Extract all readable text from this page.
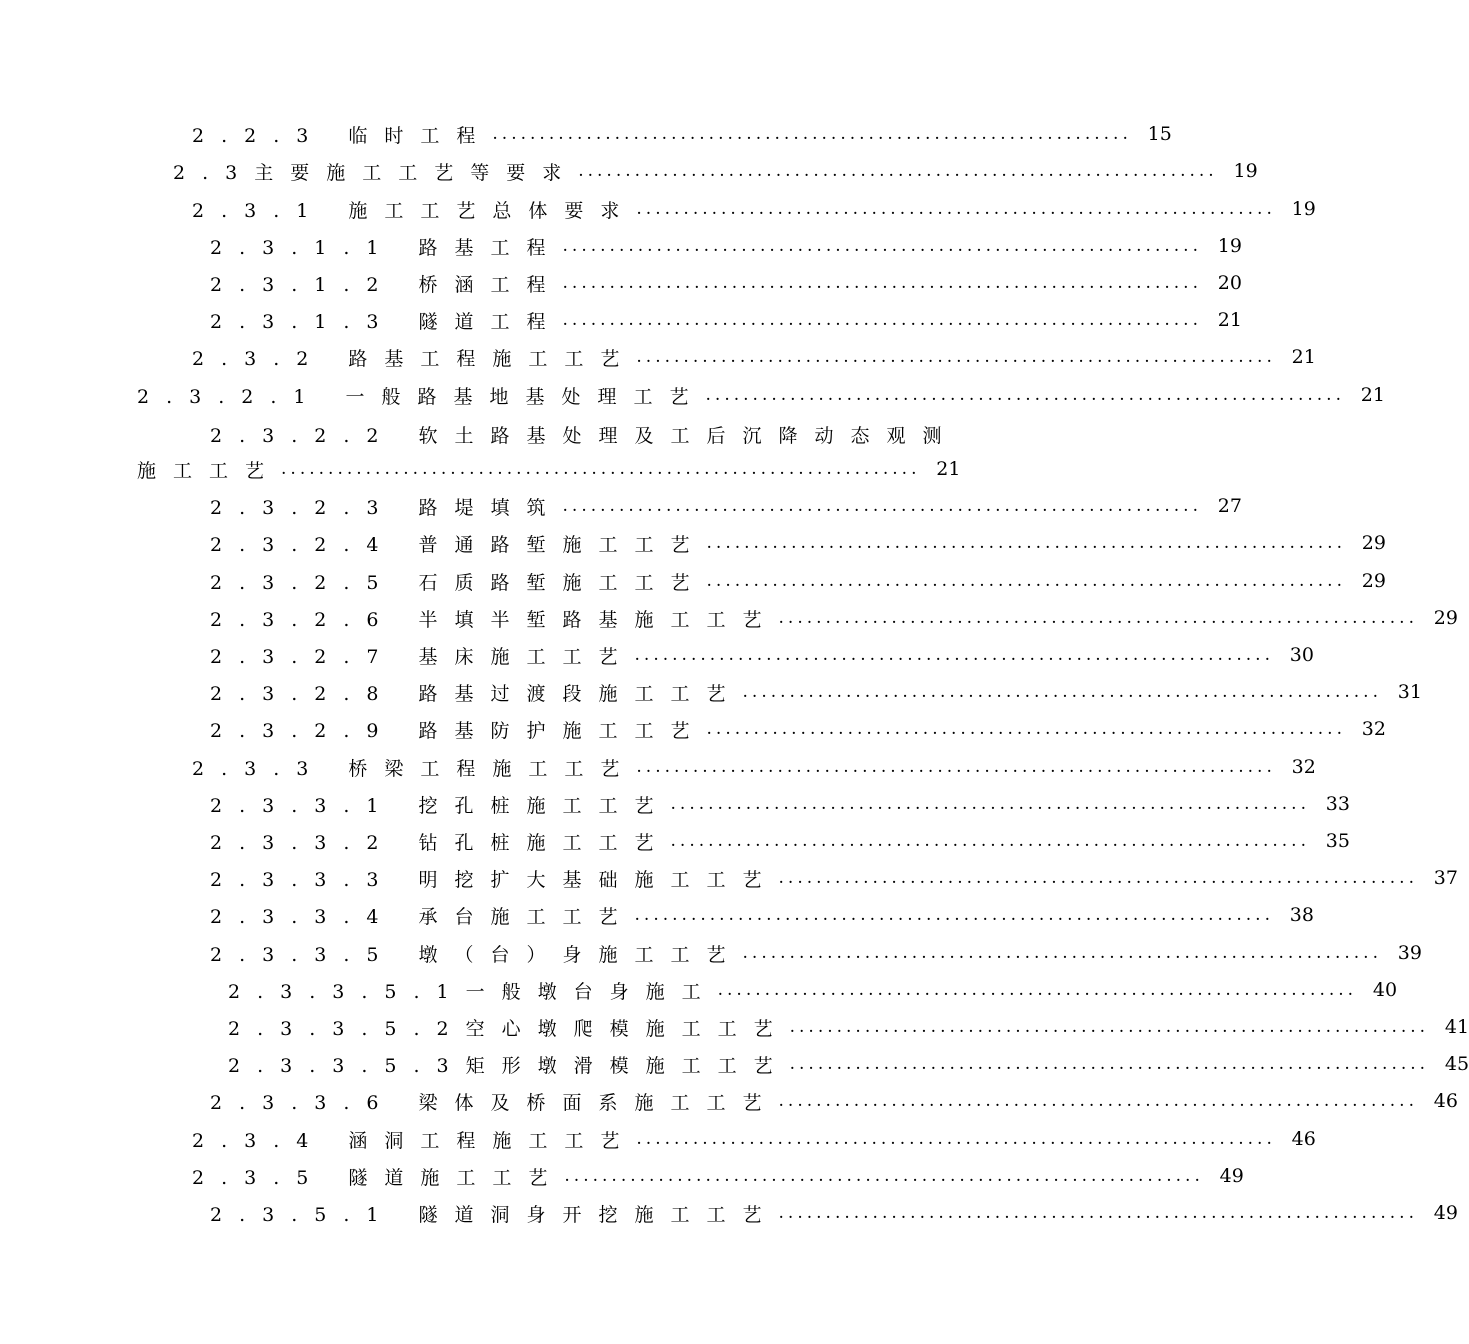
2.2.3 临时工程 .................................................................... 15
2.3主要施工工艺等要求 .................................................................... 19
2.3.1 施工工艺总体要求 .................................................................... 19
2.3.1.1 路基工程 .................................................................... 19
2.3.1.2 桥涵工程 .................................................................... 20
2.3.1.3 隧道工程 .................................................................... 21
2.3.2 路基工程施工工艺 .................................................................... 21
2.3.2.1 一般路基地基处理工艺 .................................................................... 21
2.3.2.2 软土路基处理及工后沉降动态观测
施工工艺 .................................................................... 21
2.3.2.3 路堤填筑 .................................................................... 27
2.3.2.4 普通路堑施工工艺 .................................................................... 29
2.3.2.5 石质路堑施工工艺 .................................................................... 29
2.3.2.6 半填半堑路基施工工艺 .................................................................... 29
2.3.2.7 基床施工工艺 .................................................................... 30
2.3.2.8 路基过渡段施工工艺 .................................................................... 31
2.3.2.9 路基防护施工工艺 .................................................................... 32
2.3.3 桥梁工程施工工艺 .................................................................... 32
2.3.3.1 挖孔桩施工工艺 .................................................................... 33
2.3.3.2 钻孔桩施工工艺 .................................................................... 35
2.3.3.3 明挖扩大基础施工工艺 .................................................................... 37
2.3.3.4 承台施工工艺 .................................................................... 38
2.3.3.5 墩（台）身施工工艺 .................................................................... 39
2.3.3.5.1一般墩台身施工 .................................................................... 40
2.3.3.5.2空心墩爬模施工工艺 .................................................................... 41
2.3.3.5.3矩形墩滑模施工工艺 .................................................................... 45
2.3.3.6 梁体及桥面系施工工艺 .................................................................... 46
2.3.4 涵洞工程施工工艺 .................................................................... 46
2.3.5 隧道施工工艺 .................................................................... 49
2.3.5.1 隧道洞身开挖施工工艺 .................................................................... 49
